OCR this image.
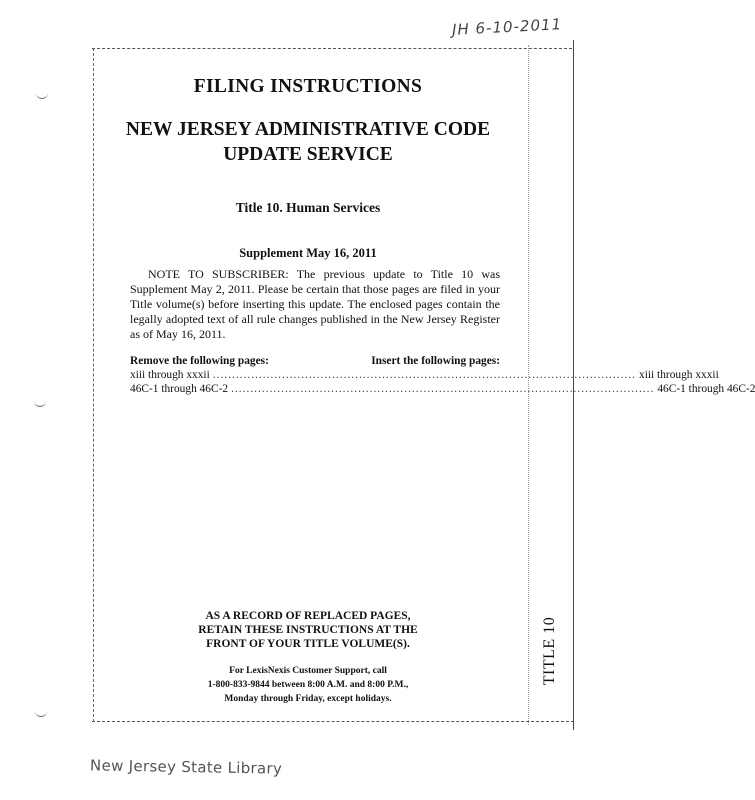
JH 6-10-2011
FILING INSTRUCTIONS
NEW JERSEY ADMINISTRATIVE CODE
UPDATE SERVICE
Title 10. Human Services
Supplement May 16, 2011
NOTE TO SUBSCRIBER: The previous update to Title 10 was Supplement May 2, 2011. Please be certain that those pages are filed in your Title volume(s) before inserting this update. The enclosed pages contain the legally adopted text of all rule changes published in the New Jersey Register as of May 16, 2011.
Remove the following pages:	Insert the following pages:
xiii through xxxii .............................................................................................................. xiii through xxxii
46C-1 through 46C-2 .............................................................................................................. 46C-1 through 46C-2
AS A RECORD OF REPLACED PAGES,
RETAIN THESE INSTRUCTIONS AT THE
FRONT OF YOUR TITLE VOLUME(S).
For LexisNexis Customer Support, call
1-800-833-9844 between 8:00 A.M. and 8:00 P.M.,
Monday through Friday, except holidays.
TITLE 10
New Jersey State Library
